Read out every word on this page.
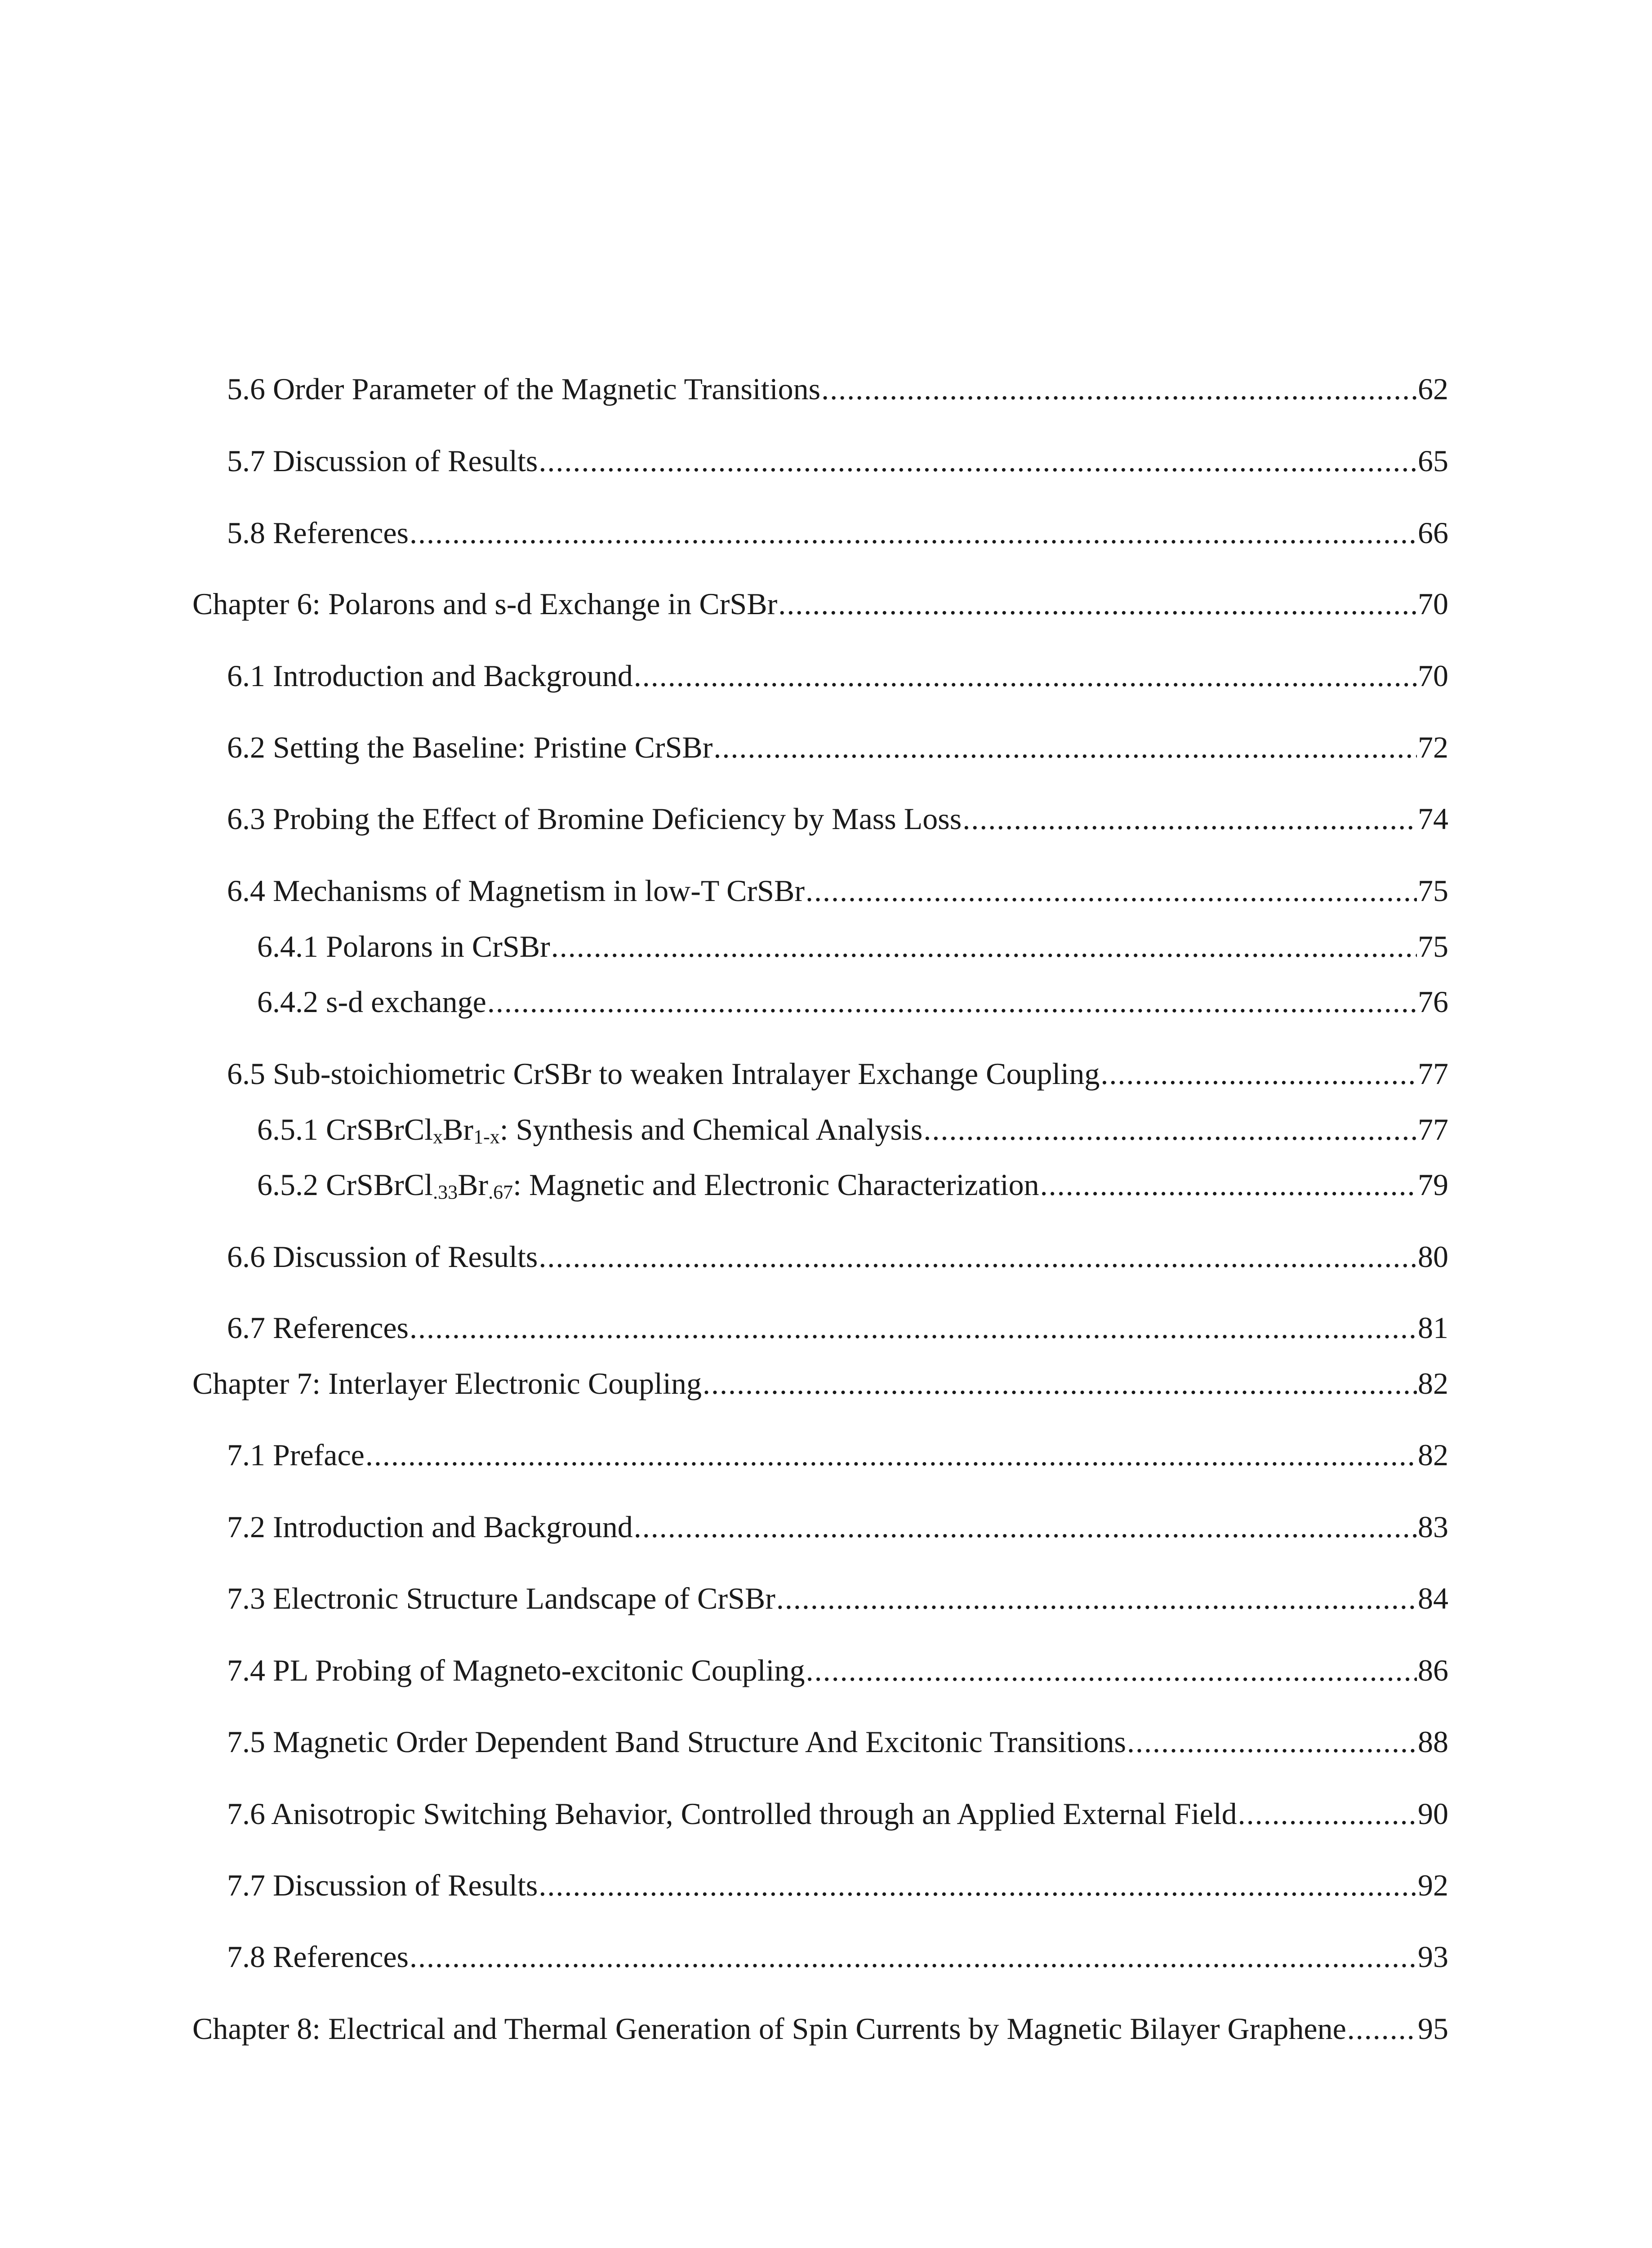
5.6 Order Parameter of the Magnetic Transitions .....	62
5.7 Discussion of Results .....	65
5.8 References .....	66
Chapter 6: Polarons and s-d Exchange in CrSBr .....	70
6.1 Introduction and Background .....	70
6.2 Setting the Baseline: Pristine CrSBr .....	72
6.3 Probing the Effect of Bromine Deficiency by Mass Loss .....	74
6.4 Mechanisms of Magnetism in low-T CrSBr .....	75
6.4.1 Polarons in CrSBr .....	75
6.4.2 s-d exchange .....	76
6.5 Sub-stoichiometric CrSBr to weaken Intralayer Exchange Coupling .....	77
6.5.1 $CrSBrCl_xBr_{1-x}$: Synthesis and Chemical Analysis .....	77
6.5.2 $CrSBrCl_{.33}Br_{.67}$: Magnetic and Electronic Characterization .....	79
6.6 Discussion of Results .....	80
6.7 References .....	81
Chapter 7: Interlayer Electronic Coupling .....	82
7.1 Preface .....	82
7.2 Introduction and Background .....	83
7.3 Electronic Structure Landscape of CrSBr .....	84
7.4 PL Probing of Magneto-excitonic Coupling .....	86
7.5 Magnetic Order Dependent Band Structure And Excitonic Transitions .....	88
7.6 Anisotropic Switching Behavior, Controlled through an Applied External Field .....	90
7.7 Discussion of Results .....	92
7.8 References .....	93
Chapter 8: Electrical and Thermal Generation of Spin Currents by Magnetic Bilayer Graphene ..... 95
